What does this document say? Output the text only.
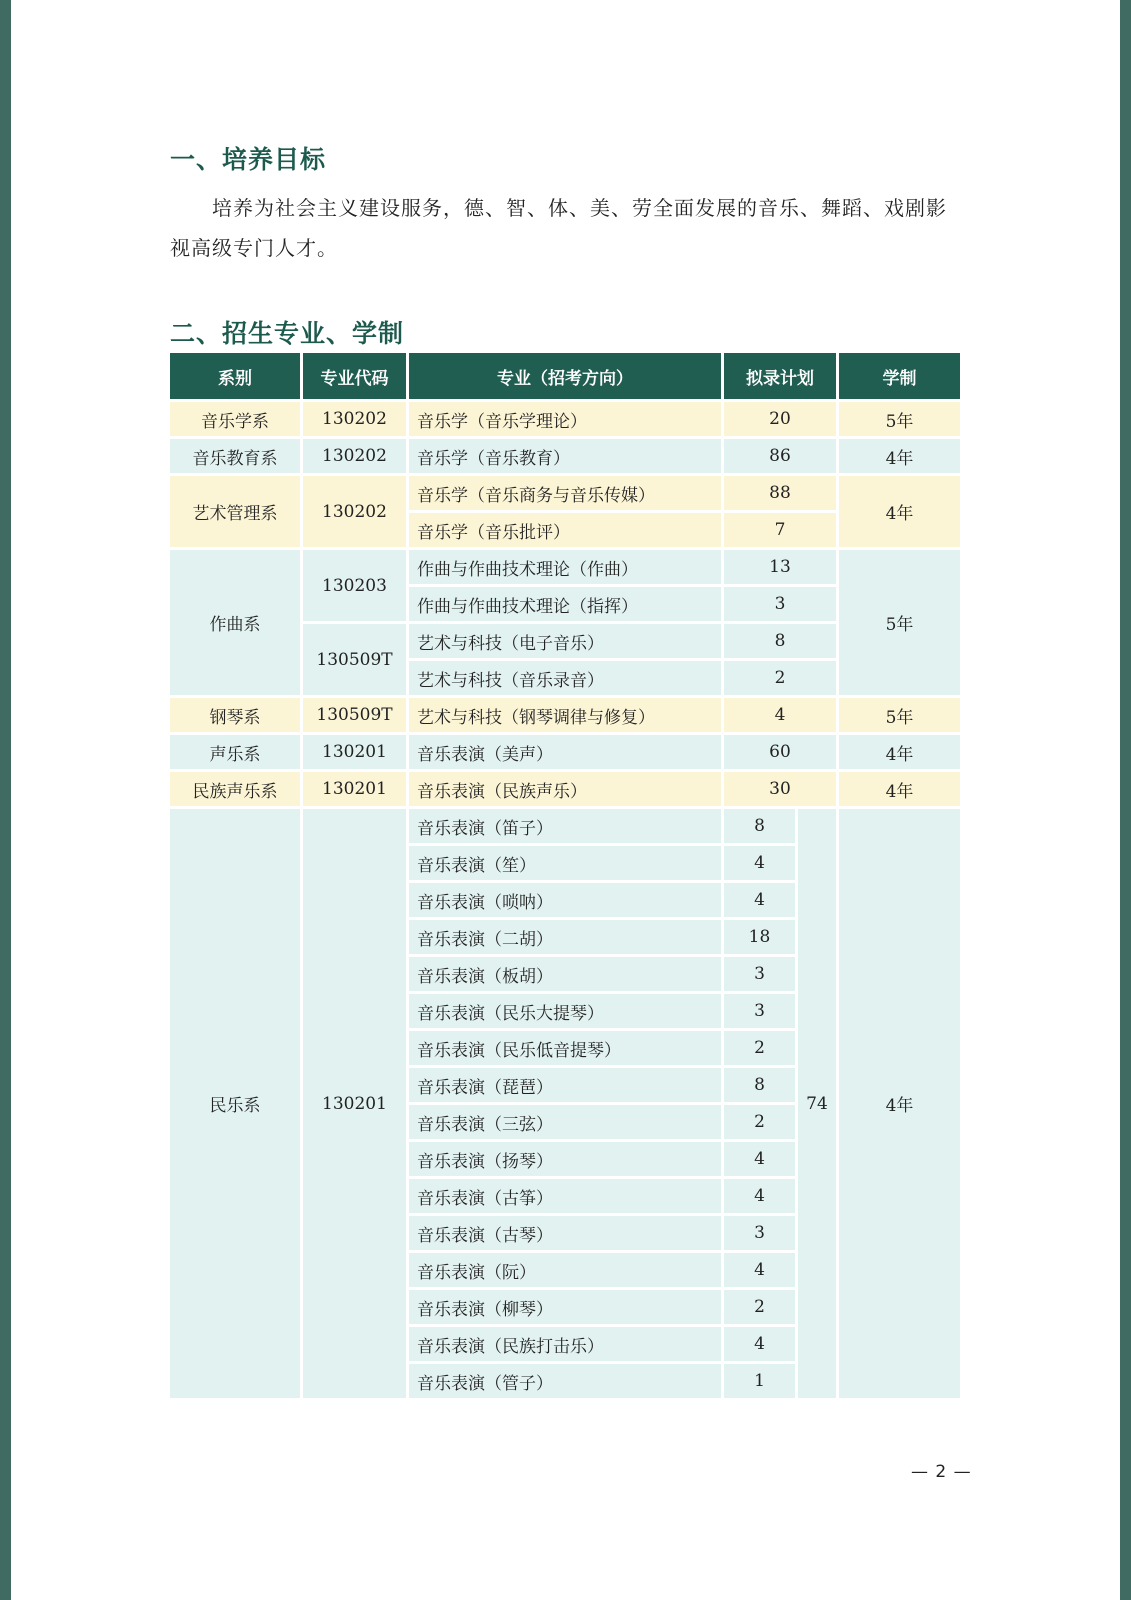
一、培养目标

培养为社会主义建设服务，德、智、体、美、劳全面发展的音乐、舞蹈、戏剧影视高级专门人才。

二、招生专业、学制
系别	专业代码	专业（招考方向）	拟录计划		学制
音乐学系	130202	音乐学（音乐学理论）	20		5年
音乐教育系	130202	音乐学（音乐教育）	86		4年
艺术管理系	130202	音乐学（音乐商务与音乐传媒）	88		4年
		音乐学（音乐批评）	7		
作曲系	130203	作曲与作曲技术理论（作曲）	13		5年
		作曲与作曲技术理论（指挥）	3		
	130509T	艺术与科技（电子音乐）	8		
		艺术与科技（音乐录音）	2		
钢琴系	130509T	艺术与科技（钢琴调律与修复）	4		5年
声乐系	130201	音乐表演（美声）	60		4年
民族声乐系	130201	音乐表演（民族声乐）	30		4年
民乐系	130201	音乐表演（笛子）	8	74	4年
		音乐表演（笙）	4		
		音乐表演（唢呐）	4		
		音乐表演（二胡）	18		
		音乐表演（板胡）	3		
		音乐表演（民乐大提琴）	3		
		音乐表演（民乐低音提琴）	2		
		音乐表演（琵琶）	8		
		音乐表演（三弦）	2		
		音乐表演（扬琴）	4		
		音乐表演（古筝）	4		
		音乐表演（古琴）	3		
		音乐表演（阮）	4		
		音乐表演（柳琴）	2		
		音乐表演（民族打击乐）	4		
		音乐表演（管子）	1		
— 2 —
